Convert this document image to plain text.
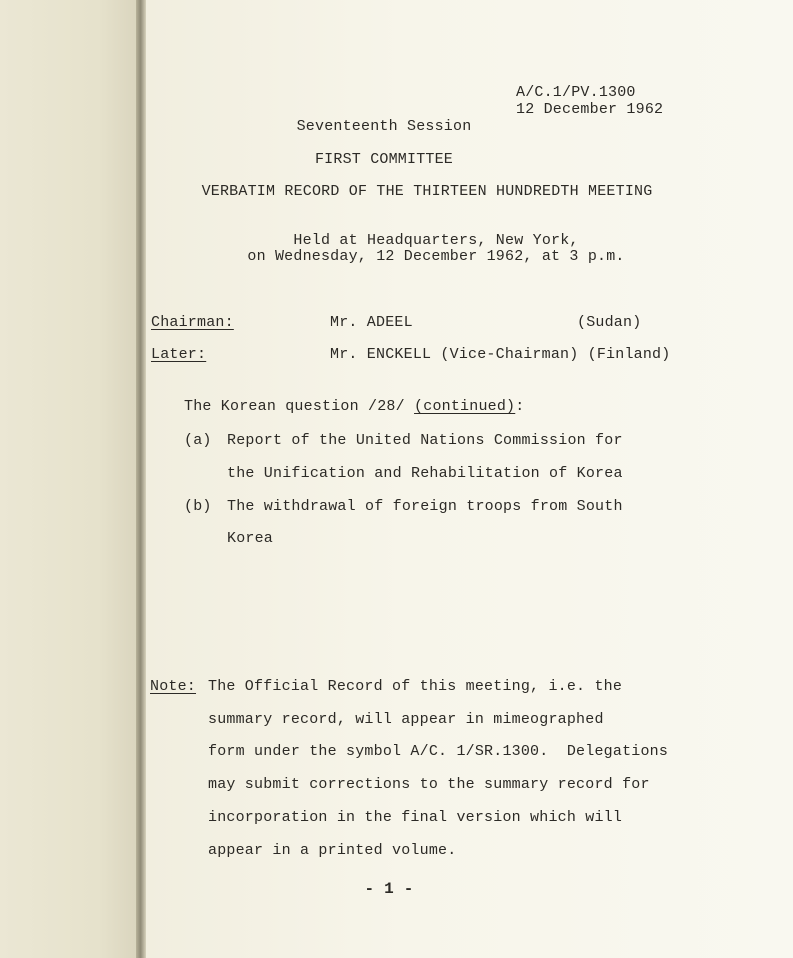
A/C.1/PV.1300
12 December 1962
Seventeenth Session
FIRST COMMITTEE
VERBATIM RECORD OF THE THIRTEEN HUNDREDTH MEETING
Held at Headquarters, New York,
on Wednesday, 12 December 1962, at 3 p.m.
Chairman:	Mr. ADEEL	(Sudan)
Later:	Mr. ENCKELL (Vice-Chairman) (Finland)
The Korean question /28/ (continued):
(a) Report of the United Nations Commission for
the Unification and Rehabilitation of Korea
(b) The withdrawal of foreign troops from South
Korea
Note: The Official Record of this meeting, i.e. the
summary record, will appear in mimeographed
form under the symbol A/C. 1/SR.1300.  Delegations
may submit corrections to the summary record for
incorporation in the final version which will
appear in a printed volume.
- 1 -
